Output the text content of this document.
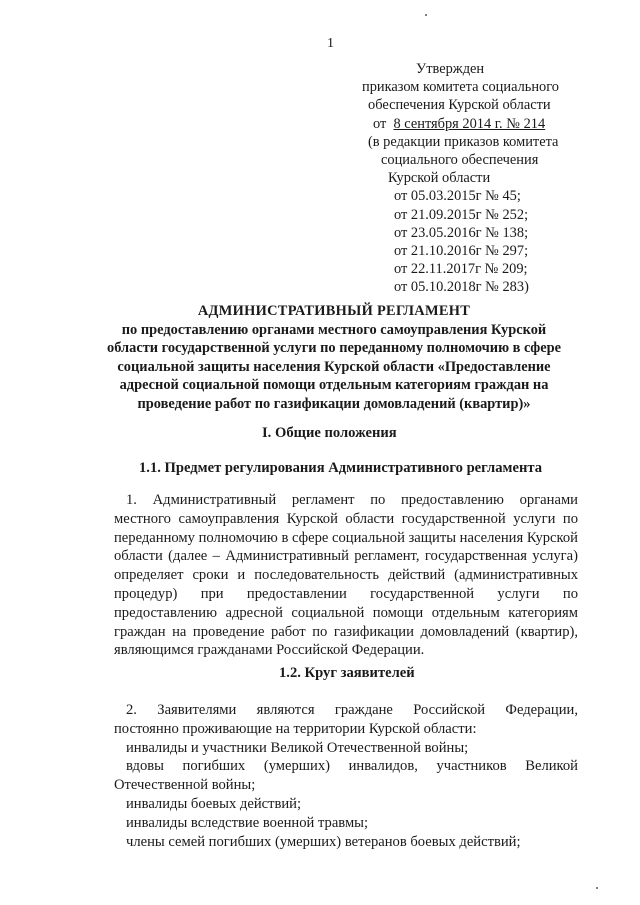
1
Утвержден
приказом комитета социального
обеспечения Курской области
от 8 сентября 2014 г. № 214
(в редакции приказов комитета
социального обеспечения
Курской области
от 05.03.2015г № 45;
от 21.09.2015г № 252;
от 23.05.2016г № 138;
от 21.10.2016г № 297;
от 22.11.2017г № 209;
от 05.10.2018г № 283)
АДМИНИСТРАТИВНЫЙ РЕГЛАМЕНТ
по предоставлению органами местного самоуправления Курской
области государственной услуги по переданному полномочию в сфере
социальной защиты населения Курской области «Предоставление
адресной социальной помощи отдельным категориям граждан на
проведение работ по газификации домовладений (квартир)»
I. Общие положения
1.1. Предмет регулирования Административного регламента
1. Административный регламент по предоставлению органами
местного самоуправления Курской области государственной услуги по
переданному полномочию в сфере социальной защиты населения Курской
области (далее – Административный регламент, государственная услуга)
определяет сроки и последовательность действий (административных
процедур) при предоставлении государственной услуги по
предоставлению адресной социальной помощи отдельным категориям
граждан на проведение работ по газификации домовладений (квартир),
являющимся гражданами Российской Федерации.
1.2. Круг заявителей
2. Заявителями являются граждане Российской Федерации,
постоянно проживающие на территории Курской области:
инвалиды и участники Великой Отечественной войны;
вдовы погибших (умерших) инвалидов, участников Великой
Отечественной войны;
инвалиды боевых действий;
инвалиды вследствие военной травмы;
члены семей погибших (умерших) ветеранов боевых действий;
